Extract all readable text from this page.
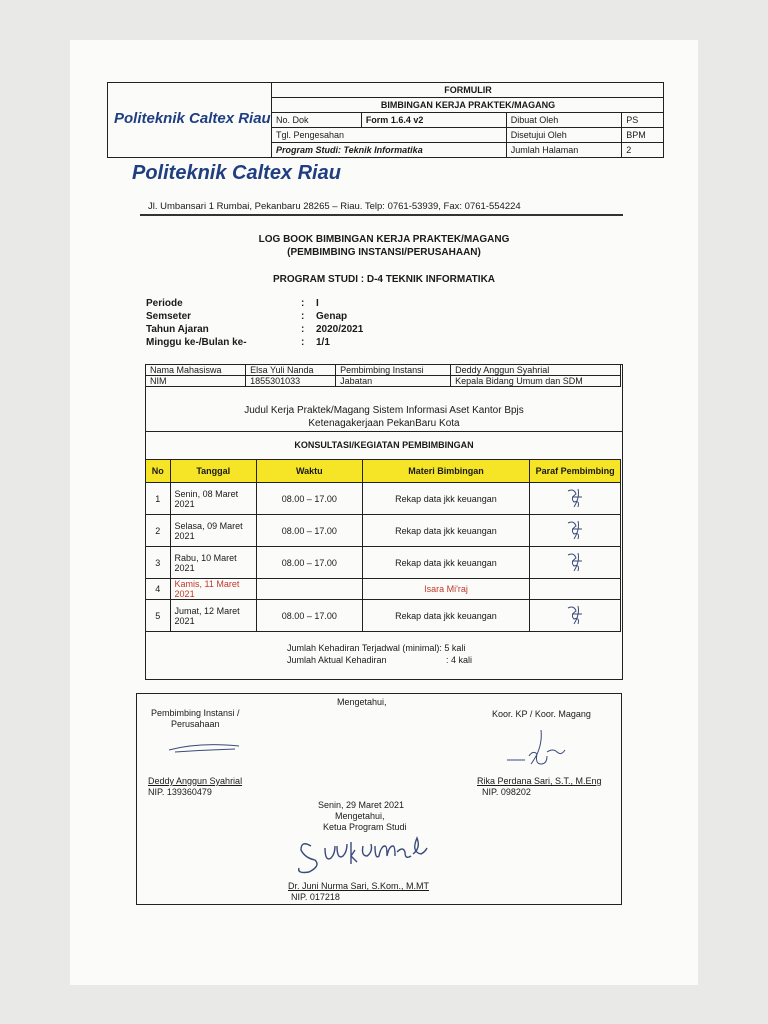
Politeknik Caltex Riau
FORMULIR			
BIMBINGAN KERJA PRAKTEK/MAGANG			
No. Dok	Form 1.6.4 v2	Dibuat Oleh	PS
Tgl. Pengesahan		Disetujui Oleh	BPM
Program Studi: Teknik Informatika		Jumlah Halaman	2
Politeknik Caltex Riau
Jl. Umbansari 1 Rumbai, Pekanbaru 28265 – Riau. Telp: 0761-53939, Fax: 0761-554224
LOG BOOK BIMBINGAN KERJA PRAKTEK/MAGANG
(PEMBIMBING INSTANSI/PERUSAHAAN)
PROGRAM STUDI : D-4 TEKNIK INFORMATIKA
Periode	: I
Semseter	: Genap
Tahun Ajaran	: 2020/2021
Minggu ke-/Bulan ke-	: 1/1
Nama Mahasiswa	Elsa Yuli Nanda	Pembimbing Instansi	Deddy Anggun Syahrial
NIM	1855301033	Jabatan	Kepala Bidang Umum dan SDM
Judul Kerja Praktek/Magang Sistem Informasi Aset Kantor Bpjs
Ketenagakerjaan PekanBaru Kota
KONSULTASI/KEGIATAN PEMBIMBINGAN
No	Tanggal	Waktu	Materi Bimbingan	Paraf Pembimbing
1	Senin, 08 Maret 2021	08.00 – 17.00	Rekap data jkk keuangan	
2	Selasa, 09 Maret 2021	08.00 – 17.00	Rekap data jkk keuangan	
3	Rabu, 10 Maret 2021	08.00 – 17.00	Rekap data jkk keuangan	
4	Kamis, 11 Maret 2021		Isara Mi'raj	
5	Jumat, 12 Maret 2021	08.00 – 17.00	Rekap data jkk keuangan	
Jumlah Kehadiran Terjadwal (minimal): 5 kali
Jumlah Aktual Kehadiran	: 4 kali
Mengetahui,
Pembimbing Instansi /
Perusahaan
Deddy Anggun Syahrial
NIP. 139360479
Koor. KP / Koor. Magang
Rika Perdana Sari, S.T., M.Eng
NIP. 098202
Senin, 29 Maret 2021
Mengetahui,
Ketua Program Studi
Dr. Juni Nurma Sari, S.Kom., M.MT
NIP. 017218
